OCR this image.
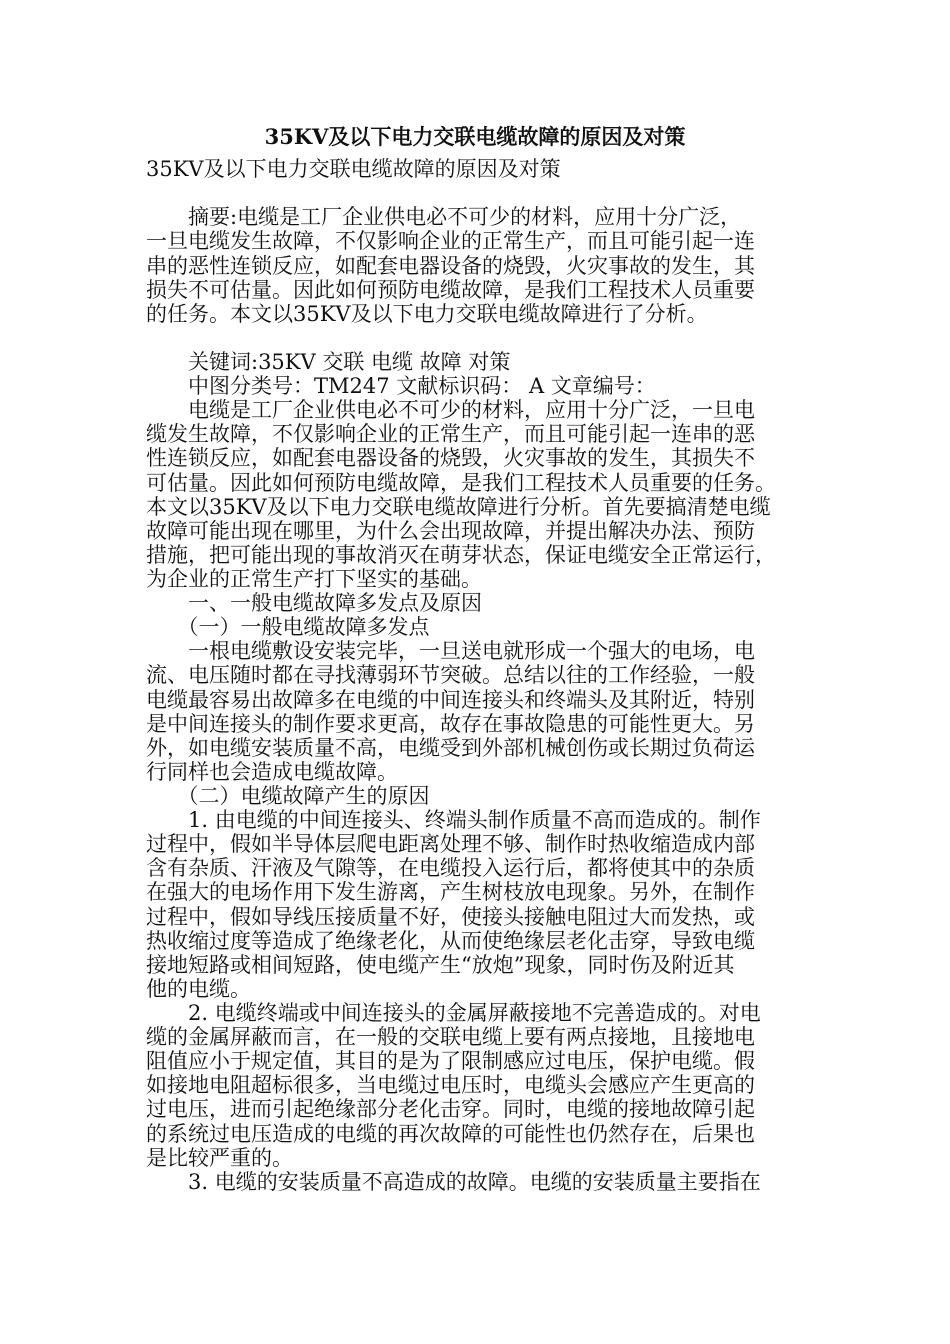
35KV及以下电力交联电缆故障的原因及对策
35KV及以下电力交联电缆故障的原因及对策
　　摘要:电缆是工厂企业供电必不可少的材料，应用十分广泛，
一旦电缆发生故障，不仅影响企业的正常生产，而且可能引起一连
串的恶性连锁反应，如配套电器设备的烧毁，火灾事故的发生，其
损失不可估量。因此如何预防电缆故障，是我们工程技术人员重要
的任务。本文以35KV及以下电力交联电缆故障进行了分析。
　　关键词:35KV 交联 电缆 故障 对策
　　中图分类号：TM247 文献标识码： A 文章编号：
　　电缆是工厂企业供电必不可少的材料，应用十分广泛，一旦电
缆发生故障，不仅影响企业的正常生产，而且可能引起一连串的恶
性连锁反应，如配套电器设备的烧毁，火灾事故的发生，其损失不
可估量。因此如何预防电缆故障，是我们工程技术人员重要的任务。
本文以35KV及以下电力交联电缆故障进行分析。首先要搞清楚电缆
故障可能出现在哪里，为什么会出现故障，并提出解决办法、预防
措施，把可能出现的事故消灭在萌芽状态，保证电缆安全正常运行，
为企业的正常生产打下坚实的基础。
　　一、一般电缆故障多发点及原因
　　（一）一般电缆故障多发点
　　一根电缆敷设安装完毕，一旦送电就形成一个强大的电场，电
流、电压随时都在寻找薄弱环节突破。总结以往的工作经验，一般
电缆最容易出故障多在电缆的中间连接头和终端头及其附近，特别
是中间连接头的制作要求更高，故存在事故隐患的可能性更大。另
外，如电缆安装质量不高，电缆受到外部机械创伤或长期过负荷运
行同样也会造成电缆故障。
　　（二）电缆故障产生的原因
　　1. 由电缆的中间连接头、终端头制作质量不高而造成的。制作
过程中，假如半导体层爬电距离处理不够、制作时热收缩造成内部
含有杂质、汗液及气隙等，在电缆投入运行后，都将使其中的杂质
在强大的电场作用下发生游离，产生树枝放电现象。另外，在制作
过程中，假如导线压接质量不好，使接头接触电阻过大而发热，或
热收缩过度等造成了绝缘老化，从而使绝缘层老化击穿，导致电缆
接地短路或相间短路，使电缆产生“放炮”现象，同时伤及附近其
他的电缆。
　　2. 电缆终端或中间连接头的金属屏蔽接地不完善造成的。对电
缆的金属屏蔽而言，在一般的交联电缆上要有两点接地，且接地电
阻值应小于规定值，其目的是为了限制感应过电压，保护电缆。假
如接地电阻超标很多，当电缆过电压时，电缆头会感应产生更高的
过电压，进而引起绝缘部分老化击穿。同时，电缆的接地故障引起
的系统过电压造成的电缆的再次故障的可能性也仍然存在，后果也
是比较严重的。
　　3. 电缆的安装质量不高造成的故障。电缆的安装质量主要指在
